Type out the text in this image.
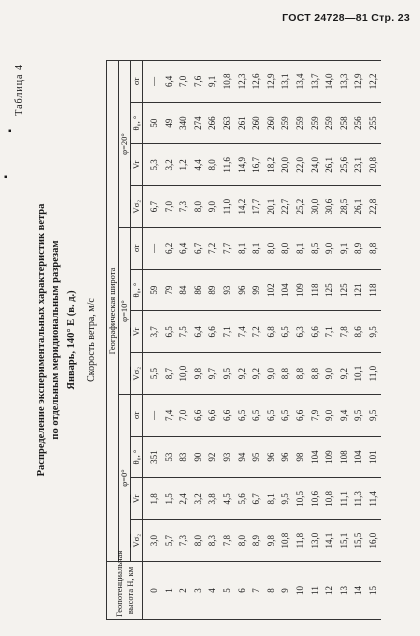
ГОСТ 24728—81 Стр. 23
▪
▪
Таблица 4
Распределение экспериментальных характеристик ветра по отдельным меридиональным разрезам Январь, 140° Е (в. д.) Скорость ветра, м/с
Геопотенциальная высота H, км	Географическая широта											
	φ=0°				φ=10°				φ=20°			
	Vσ₂	$\overline{Vr}$	θ₀, °	σr	Vσ₂	$\overline{Vr}$	θ₀, °	σr	Vσ₂	$\overline{Vr}$	θ₀, °	σr
0	3,0	1,8	351	—	5,5	3,7	59	—	6,7	5,3	50	—
1	5,7	1,5	53	7,4	8,7	6,5	79	6,2	7,0	3,2	49	6,4
2	7,3	2,4	83	7,0	10,0	7,5	84	6,4	7,3	1,2	340	7,0
3	8,0	3,2	90	6,6	9,8	6,4	86	6,7	8,0	4,4	274	7,6
4	8,3	3,8	92	6,6	9,7	6,6	89	7,2	9,0	8,0	266	9,1
5	7,8	4,5	93	6,6	9,5	7,1	93	7,7	11,0	11,6	263	10,8
6	8,0	5,6	94	6,5	9,2	7,4	96	8,1	14,2	14,9	261	12,3
7	8,9	6,7	95	6,5	9,2	7,2	99	8,1	17,7	16,7	260	12,6
8	9,8	8,1	96	6,5	9,0	6,8	102	8,0	20,1	18,2	260	12,9
9	10,8	9,5	96	6,5	8,8	6,5	104	8,0	22,7	20,0	259	13,1
10	11,8	10,5	98	6,6	8,8	6,3	109	8,1	25,2	22,0	259	13,4
11	13,0	10,6	104	7,9	8,8	6,6	118	8,5	30,0	24,0	259	13,7
12	14,1	10,8	109	9,0	9,0	7,1	125	9,0	30,6	26,1	259	14,0
13	15,1	11,1	108	9,4	9,2	7,8	125	9,1	28,5	25,6	258	13,3
14	15,5	11,3	104	9,5	10,1	8,6	121	8,9	26,1	23,1	256	12,9
15	16,0	11,4	101	9,5	11,0	9,5	118	8,8	22,8	20,8	255	12,2
